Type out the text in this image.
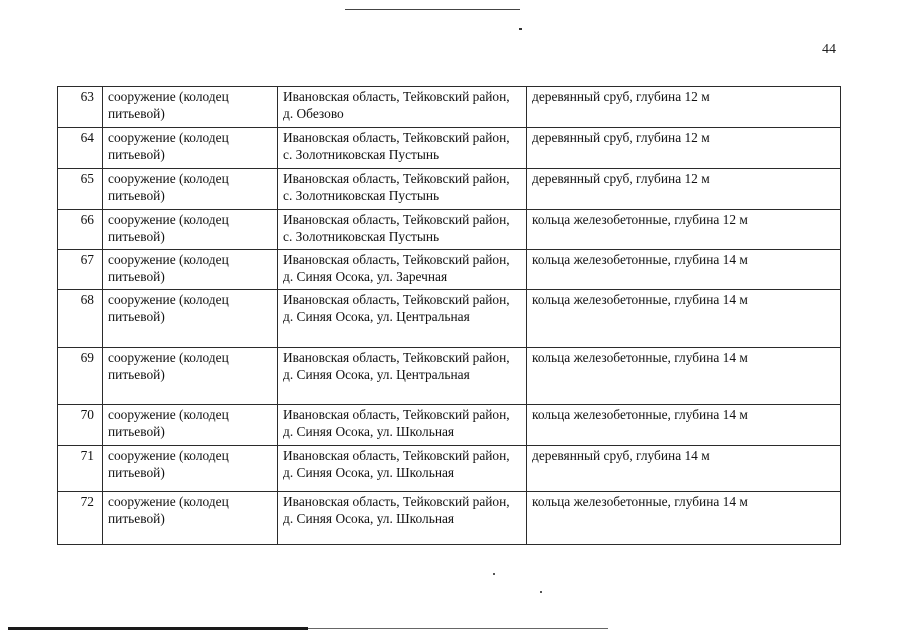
44
63	сооружение (колодец питьевой)	Ивановская область, Тейковский район, д. Обезово	деревянный сруб, глубина 12 м
64	сооружение (колодец питьевой)	Ивановская область, Тейковский район, с. Золотниковская Пустынь	деревянный сруб, глубина 12 м
65	сооружение (колодец питьевой)	Ивановская область, Тейковский район, с. Золотниковская Пустынь	деревянный сруб, глубина 12 м
66	сооружение (колодец питьевой)	Ивановская область, Тейковский район, с. Золотниковская Пустынь	кольца железобетонные, глубина 12 м
67	сооружение (колодец питьевой)	Ивановская область, Тейковский район, д. Синяя Осока, ул. Заречная	кольца железобетонные, глубина 14 м
68	сооружение (колодец питьевой)	Ивановская область, Тейковский район, д. Синяя Осока, ул. Центральная	кольца железобетонные, глубина 14 м
69	сооружение (колодец питьевой)	Ивановская область, Тейковский район, д. Синяя Осока, ул. Центральная	кольца железобетонные, глубина 14 м
70	сооружение (колодец питьевой)	Ивановская область, Тейковский район, д. Синяя Осока, ул. Школьная	кольца железобетонные, глубина 14 м
71	сооружение (колодец питьевой)	Ивановская область, Тейковский район, д. Синяя Осока, ул. Школьная	деревянный сруб, глубина 14 м
72	сооружение (колодец питьевой)	Ивановская область, Тейковский район, д. Синяя Осока, ул. Школьная	кольца железобетонные, глубина 14 м
